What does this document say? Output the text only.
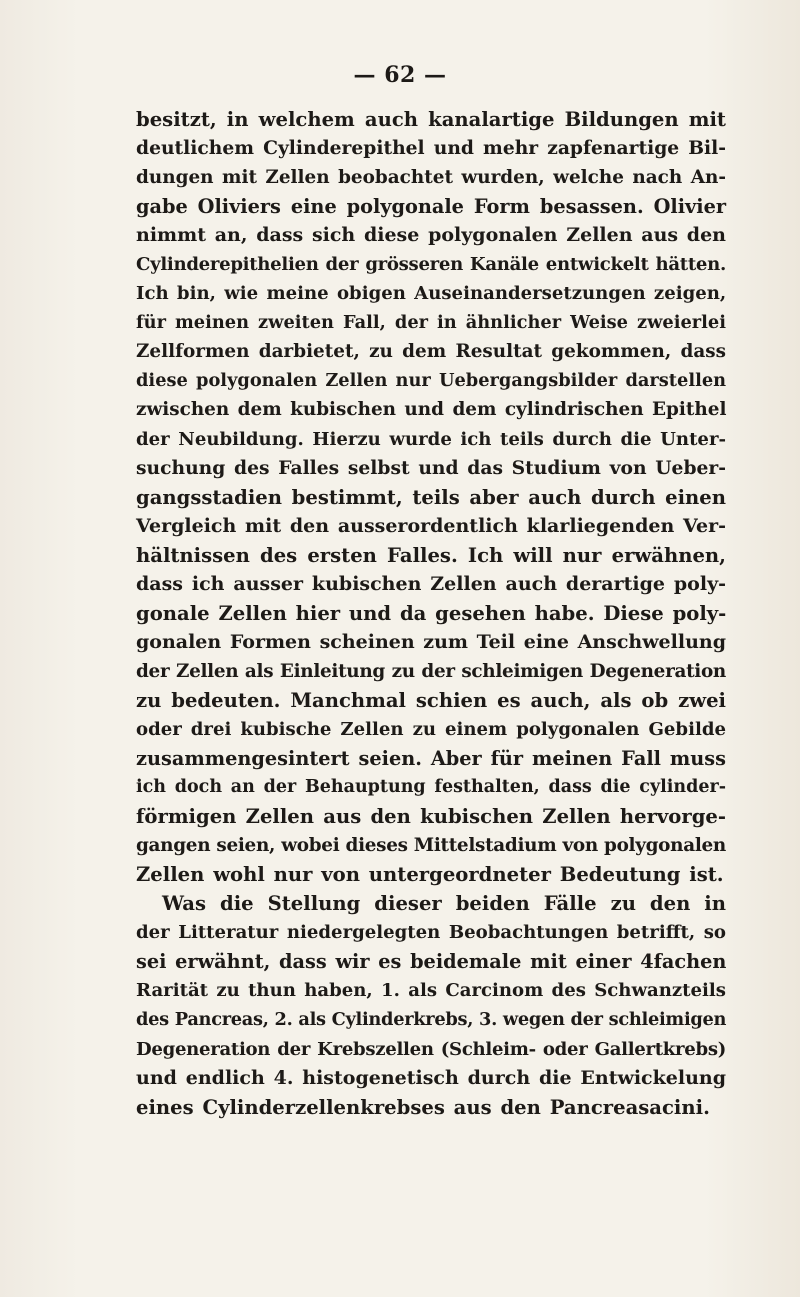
— 62 —
besitzt, in welchem auch kanalartige Bildungen mit
deutlichem Cylinderepithel und mehr zapfenartige Bil-
dungen mit Zellen beobachtet wurden, welche nach An-
gabe Oliviers eine polygonale Form besassen. Olivier
nimmt an, dass sich diese polygonalen Zellen aus den
Cylinderepithelien der grösseren Kanäle entwickelt hätten.
Ich bin, wie meine obigen Auseinandersetzungen zeigen,
für meinen zweiten Fall, der in ähnlicher Weise zweierlei
Zellformen darbietet, zu dem Resultat gekommen, dass
diese polygonalen Zellen nur Uebergangsbilder darstellen
zwischen dem kubischen und dem cylindrischen Epithel
der Neubildung. Hierzu wurde ich teils durch die Unter-
suchung des Falles selbst und das Studium von Ueber-
gangsstadien bestimmt, teils aber auch durch einen
Vergleich mit den ausserordentlich klarliegenden Ver-
hältnissen des ersten Falles. Ich will nur erwähnen,
dass ich ausser kubischen Zellen auch derartige poly-
gonale Zellen hier und da gesehen habe. Diese poly-
gonalen Formen scheinen zum Teil eine Anschwellung
der Zellen als Einleitung zu der schleimigen Degeneration
zu bedeuten. Manchmal schien es auch, als ob zwei
oder drei kubische Zellen zu einem polygonalen Gebilde
zusammengesintert seien. Aber für meinen Fall muss
ich doch an der Behauptung festhalten, dass die cylinder-
förmigen Zellen aus den kubischen Zellen hervorge-
gangen seien, wobei dieses Mittelstadium von polygonalen
Zellen wohl nur von untergeordneter Bedeutung ist.
Was die Stellung dieser beiden Fälle zu den in
der Litteratur niedergelegten Beobachtungen betrifft, so
sei erwähnt, dass wir es beidemale mit einer 4fachen
Rarität zu thun haben, 1. als Carcinom des Schwanzteils
des Pancreas, 2. als Cylinderkrebs, 3. wegen der schleimigen
Degeneration der Krebszellen (Schleim- oder Gallertkrebs)
und endlich 4. histogenetisch durch die Entwickelung
eines Cylinderzellenkrebses aus den Pancreasacini.
